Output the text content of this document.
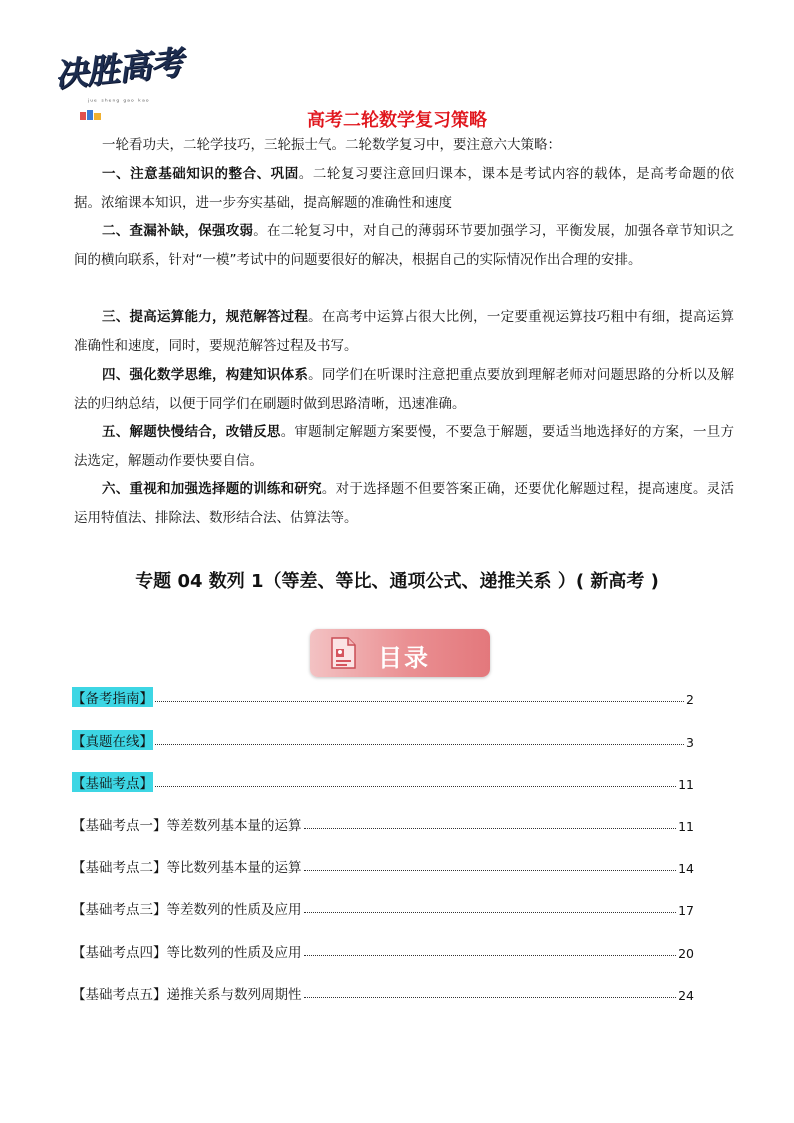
决胜高考
ʲᵘᵉ ˢʰᵉⁿᵍ ᵍᵃᵒ ᵏᵃᵒ
高考二轮数学复习策略

一轮看功夫，二轮学技巧，三轮振士气。二轮数学复习中，要注意六大策略：

一、注意基础知识的整合、巩固。二轮复习要注意回归课本，课本是考试内容的载体，是高考命题的依据。浓缩课本知识，进一步夯实基础，提高解题的准确性和速度

二、查漏补缺，保强攻弱。在二轮复习中，对自己的薄弱环节要加强学习，平衡发展，加强各章节知识之间的横向联系，针对“一模”考试中的问题要很好的解决，根据自己的实际情况作出合理的安排。

三、提高运算能力，规范解答过程。在高考中运算占很大比例，一定要重视运算技巧粗中有细，提高运算准确性和速度，同时，要规范解答过程及书写。

四、强化数学思维，构建知识体系。同学们在听课时注意把重点要放到理解老师对问题思路的分析以及解法的归纳总结，以便于同学们在刷题时做到思路清晰，迅速准确。

五、解题快慢结合，改错反思。审题制定解题方案要慢，不要急于解题，要适当地选择好的方案，一旦方法选定，解题动作要快要自信。

六、重视和加强选择题的训练和研究。对于选择题不但要答案正确，还要优化解题过程，提高速度。灵活运用特值法、排除法、数形结合法、估算法等。

专题 04 数列 1（等差、等比、通项公式、递推关系 ）( 新高考 )
目录
【备考指南】	2
【真题在线】	3
【基础考点】	11
【基础考点一】等差数列基本量的运算	11
【基础考点二】等比数列基本量的运算	14
【基础考点三】等差数列的性质及应用	17
【基础考点四】等比数列的性质及应用	20
【基础考点五】递推关系与数列周期性	24
